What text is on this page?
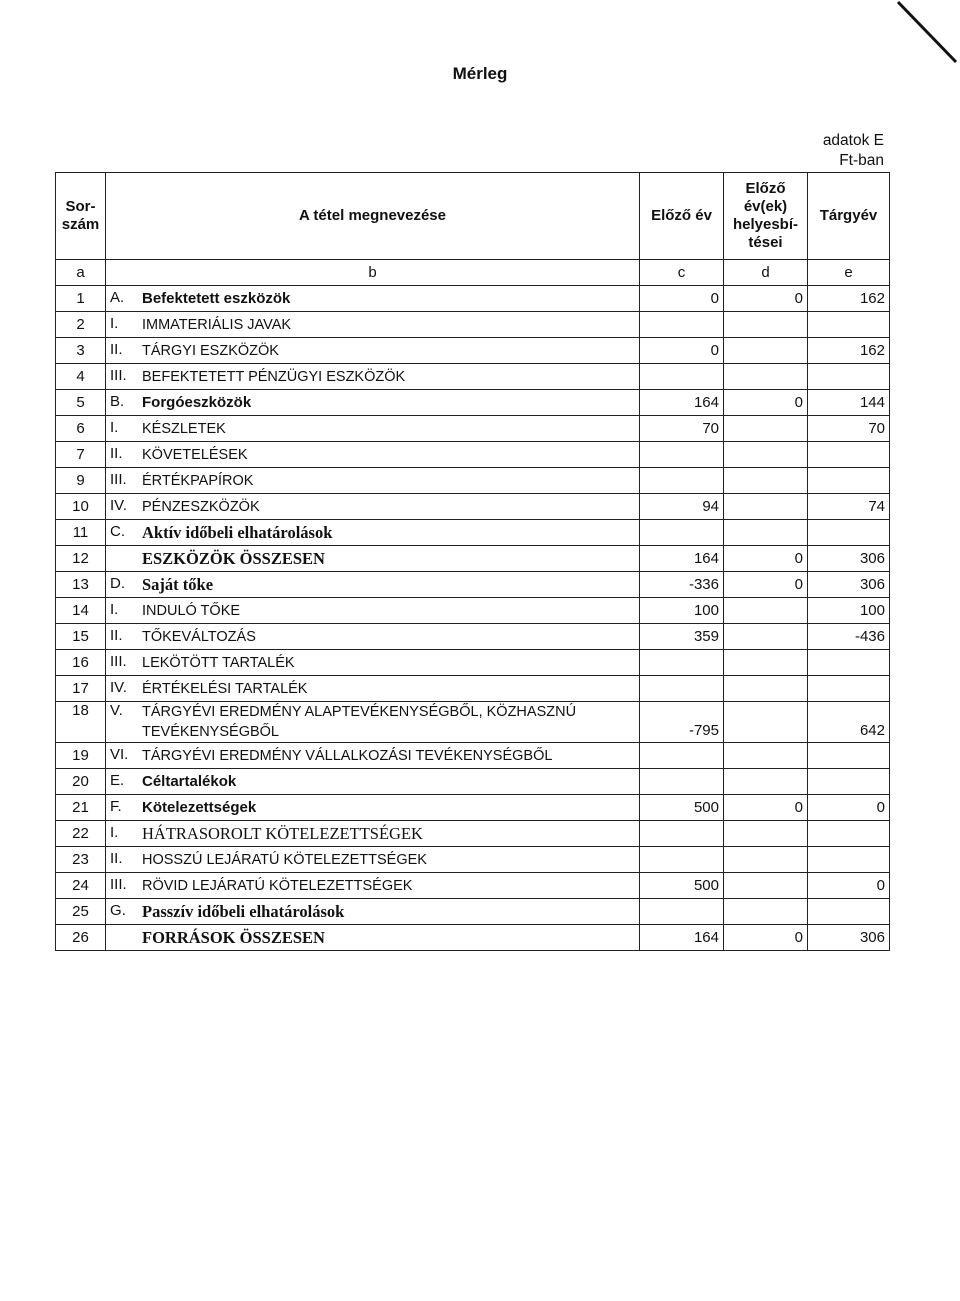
Mérleg
adatok E
Ft-ban
Sor-
szám	A tétel megnevezése	Előző év	Előző
év(ek)
helyesbí-
tései	Tárgyév
a	b	c	d	e
1	A. Befektetett eszközök	0	0	162
2	I. IMMATERIÁLIS JAVAK			

3	II. TÁRGYI ESZKÖZÖK	0		162
4	III. BEFEKTETETT PÉNZÜGYI ESZKÖZÖK			

5	B. Forgóeszközök	164	0	144
6	I. KÉSZLETEK	70		70
7	II. KÖVETELÉSEK			

9	III. ÉRTÉKPAPÍROK			

10	IV. PÉNZESZKÖZÖK	94		74
11	C. Aktív időbeli elhatárolások			

12	ESZKÖZÖK ÖSSZESEN	164	0	306
13	D. Saját tőke	-336	0	306
14	I. INDULÓ TŐKE	100		100
15	II. TŐKEVÁLTOZÁS	359		-436
16	III. LEKÖTÖTT TARTALÉK			

17	IV. ÉRTÉKELÉSI TARTALÉK			

18	V. TÁRGYÉVI EREDMÉNY ALAPTEVÉKENYSÉGBŐL, KÖZHASZNÚ TEVÉKENYSÉGBŐL	-795		642
19	VI. TÁRGYÉVI EREDMÉNY VÁLLALKOZÁSI TEVÉKENYSÉGBŐL			

20	E. Céltartalékok			

21	F. Kötelezettségek	500	0	0
22	I. HÁTRASOROLT KÖTELEZETTSÉGEK			

23	II. HOSSZÚ LEJÁRATÚ KÖTELEZETTSÉGEK			

24	III. RÖVID LEJÁRATÚ KÖTELEZETTSÉGEK	500		0
25	G. Passzív időbeli elhatárolások			

26	FORRÁSOK ÖSSZESEN	164	0	306
